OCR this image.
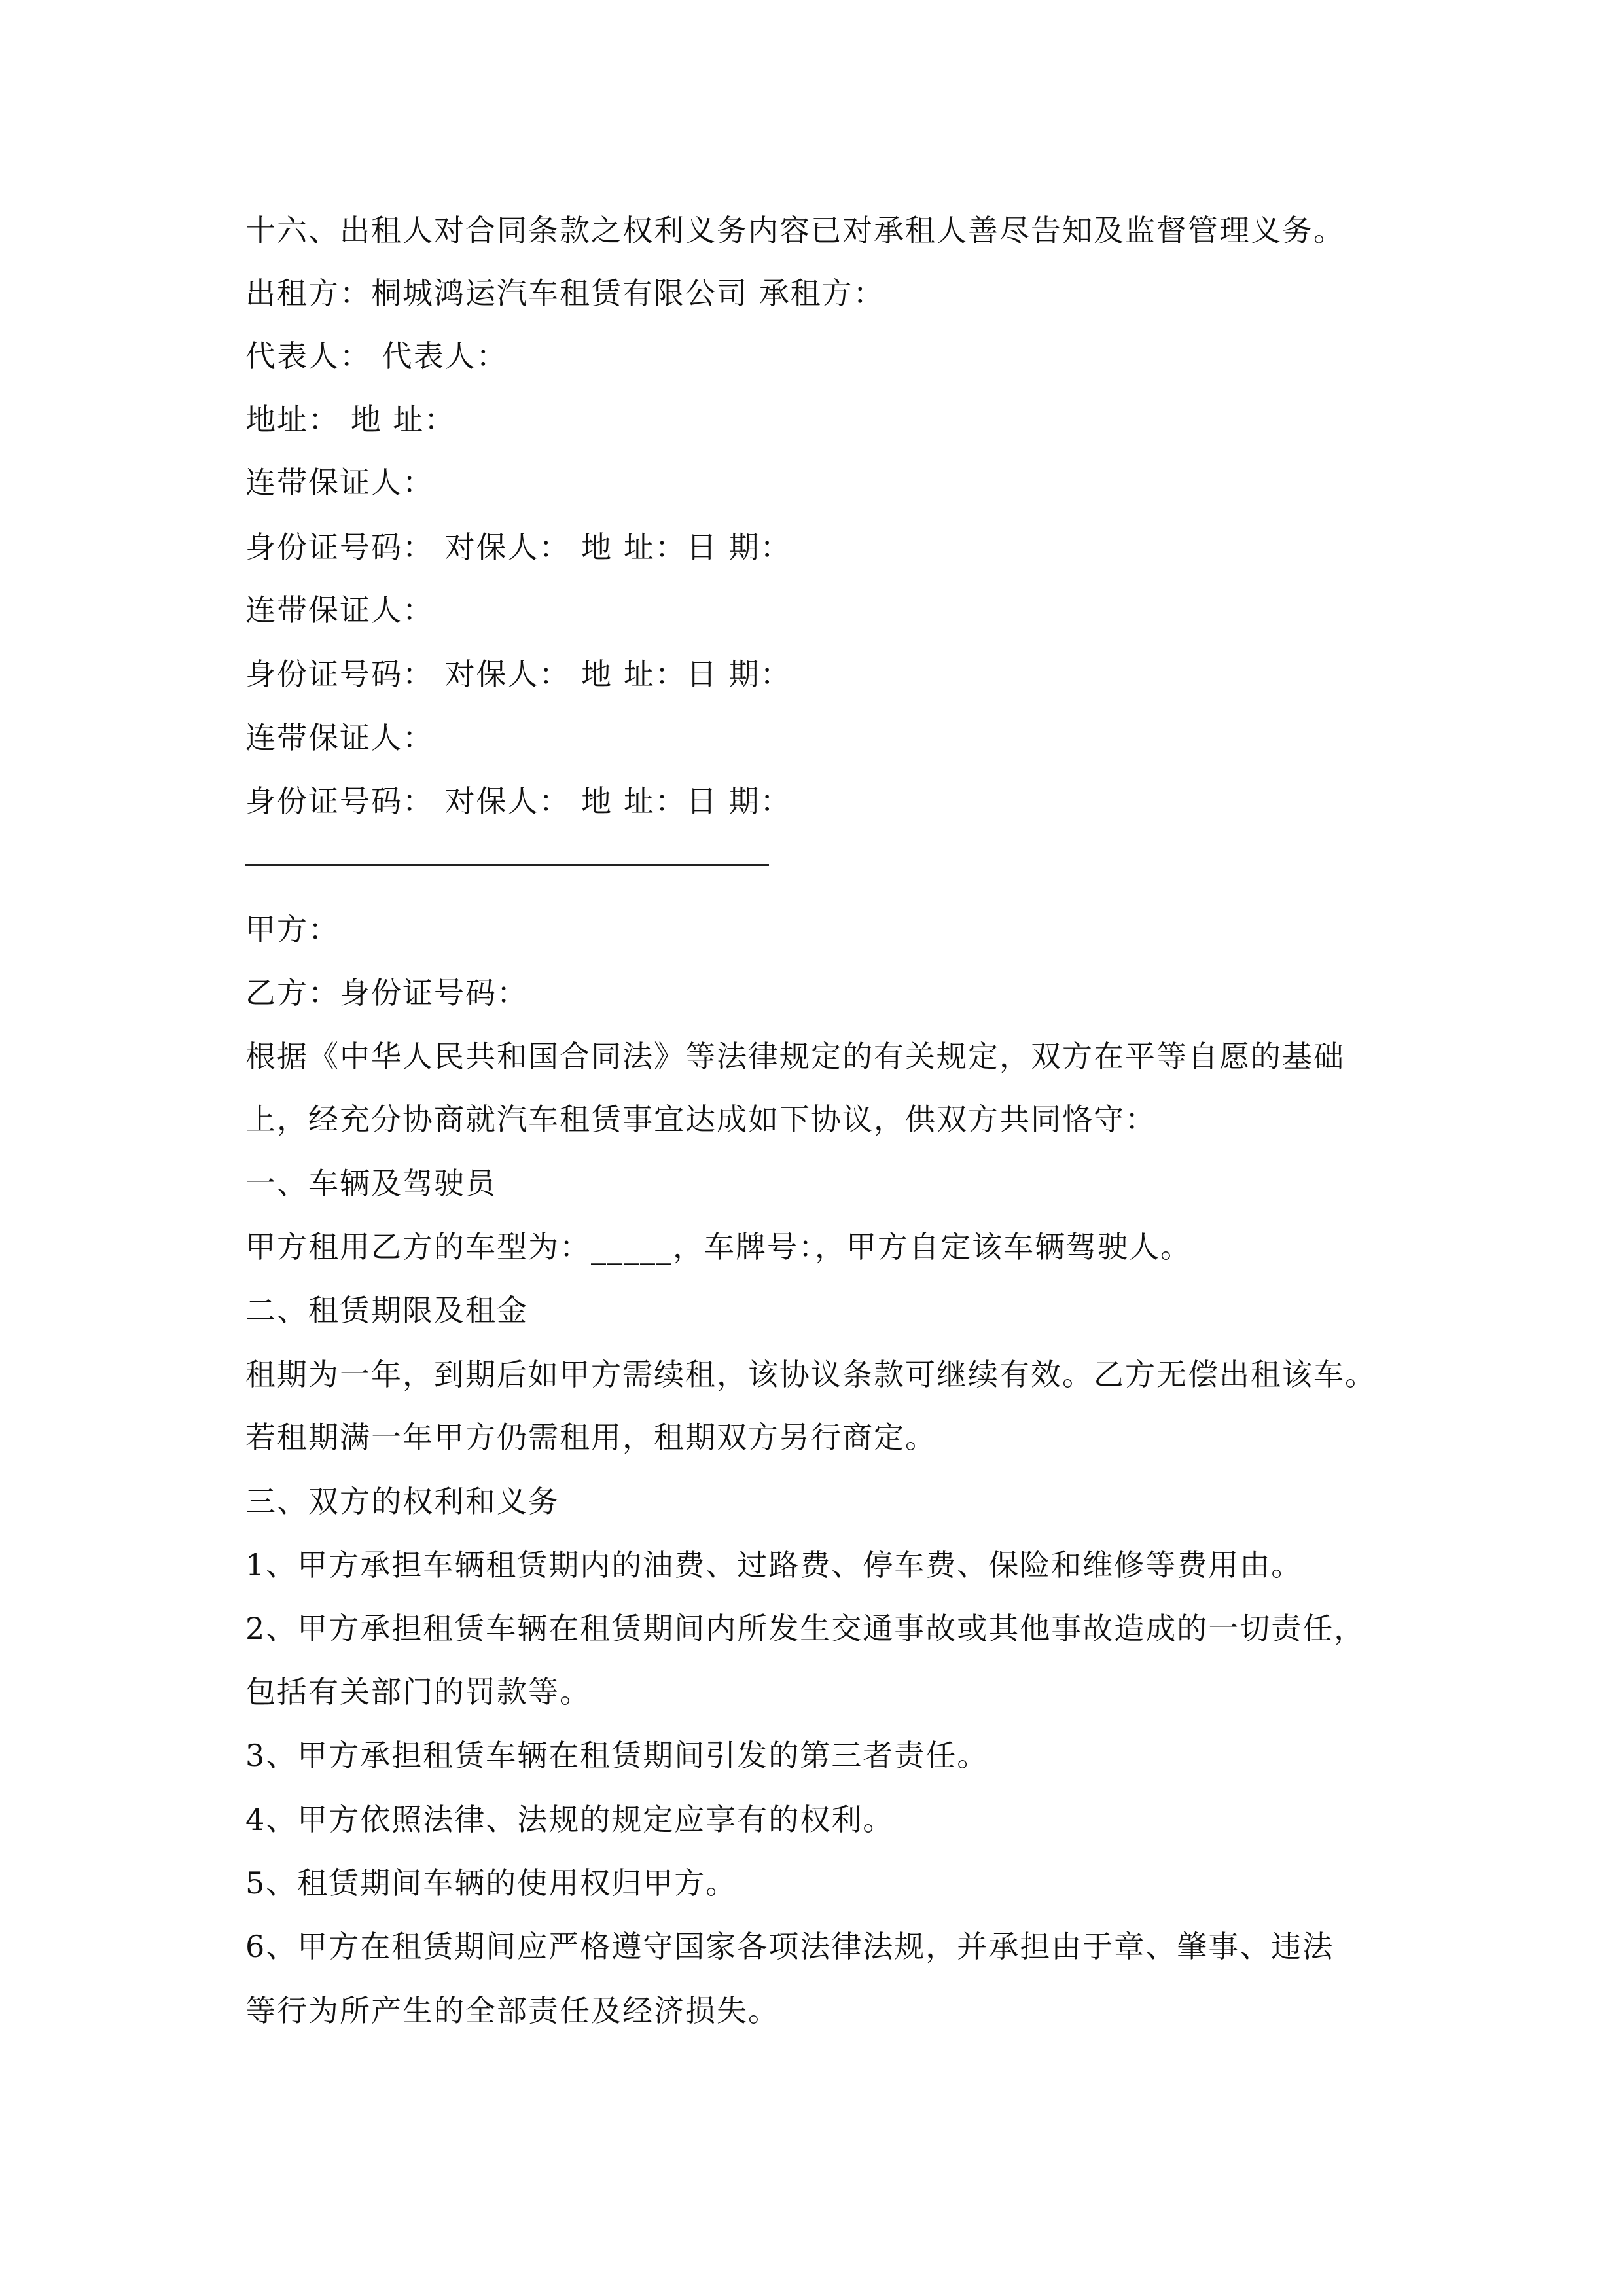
十六、出租人对合同条款之权利义务内容已对承租人善尽告知及监督管理义务。
出租方：桐城鸿运汽车租赁有限公司 承租方：
代表人： 代表人：
地址： 地 址：
连带保证人：
身份证号码： 对保人： 地 址：日 期：
连带保证人：
身份证号码： 对保人： 地 址：日 期：
连带保证人：
身份证号码： 对保人： 地 址：日 期：
甲方：
乙方：身份证号码：
根据《中华人民共和国合同法》等法律规定的有关规定，双方在平等自愿的基础
上，经充分协商就汽车租赁事宜达成如下协议，供双方共同恪守：
一、车辆及驾驶员
甲方租用乙方的车型为：_____，车牌号：，甲方自定该车辆驾驶人。
二、租赁期限及租金
租期为一年，到期后如甲方需续租，该协议条款可继续有效。乙方无偿出租该车。
若租期满一年甲方仍需租用，租期双方另行商定。
三、双方的权利和义务
1、甲方承担车辆租赁期内的油费、过路费、停车费、保险和维修等费用由。
2、甲方承担租赁车辆在租赁期间内所发生交通事故或其他事故造成的一切责任，
包括有关部门的罚款等。
3、甲方承担租赁车辆在租赁期间引发的第三者责任。
4、甲方依照法律、法规的规定应享有的权利。
5、租赁期间车辆的使用权归甲方。
6、甲方在租赁期间应严格遵守国家各项法律法规，并承担由于章、肇事、违法
等行为所产生的全部责任及经济损失。
